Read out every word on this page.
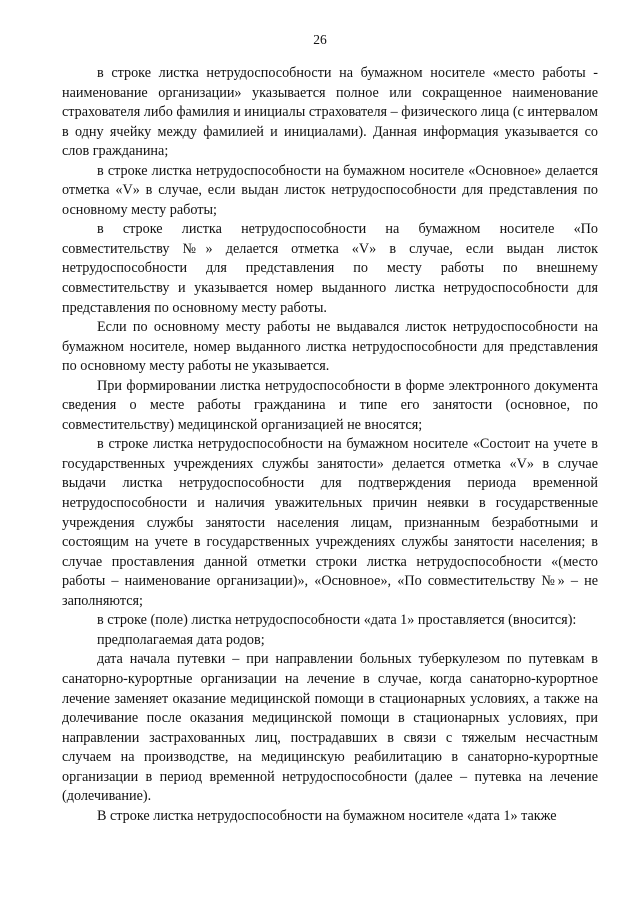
26

в строке листка нетрудоспособности на бумажном носителе «место работы - наименование организации» указывается полное или сокращенное наименование страхователя либо фамилия и инициалы страхователя – физического лица (с интервалом в одну ячейку между фамилией и инициалами). Данная информация указывается со слов гражданина;

в строке листка нетрудоспособности на бумажном носителе «Основное» делается отметка «V» в случае, если выдан листок нетрудоспособности для представления по основному месту работы;

в строке листка нетрудоспособности на бумажном носителе «По совместительству №» делается отметка «V» в случае, если выдан листок нетрудоспособности для представления по месту работы по внешнему совместительству и указывается номер выданного листка нетрудоспособности для представления по основному месту работы.

Если по основному месту работы не выдавался листок нетрудоспособности на бумажном носителе, номер выданного листка нетрудоспособности для представления по основному месту работы не указывается.

При формировании листка нетрудоспособности в форме электронного документа сведения о месте работы гражданина и типе его занятости (основное, по совместительству) медицинской организацией не вносятся;

в строке листка нетрудоспособности на бумажном носителе «Состоит на учете в государственных учреждениях службы занятости» делается отметка «V» в случае выдачи листка нетрудоспособности для подтверждения периода временной нетрудоспособности и наличия уважительных причин неявки в государственные учреждения службы занятости населения лицам, признанным безработными и состоящим на учете в государственных учреждениях службы занятости населения; в случае проставления данной отметки строки листка нетрудоспособности «(место работы – наименование организации)», «Основное», «По совместительству №» – не заполняются;

в строке (поле) листка нетрудоспособности «дата 1» проставляется (вносится):

предполагаемая дата родов;

дата начала путевки – при направлении больных туберкулезом по путевкам в санаторно-курортные организации на лечение в случае, когда санаторно-курортное лечение заменяет оказание медицинской помощи в стационарных условиях, а также на долечивание после оказания медицинской помощи в стационарных условиях, при направлении застрахованных лиц, пострадавших в связи с тяжелым несчастным случаем на производстве, на медицинскую реабилитацию в санаторно-курортные организации в период временной нетрудоспособности (далее – путевка на лечение (долечивание).

В строке листка нетрудоспособности на бумажном носителе «дата 1» также
